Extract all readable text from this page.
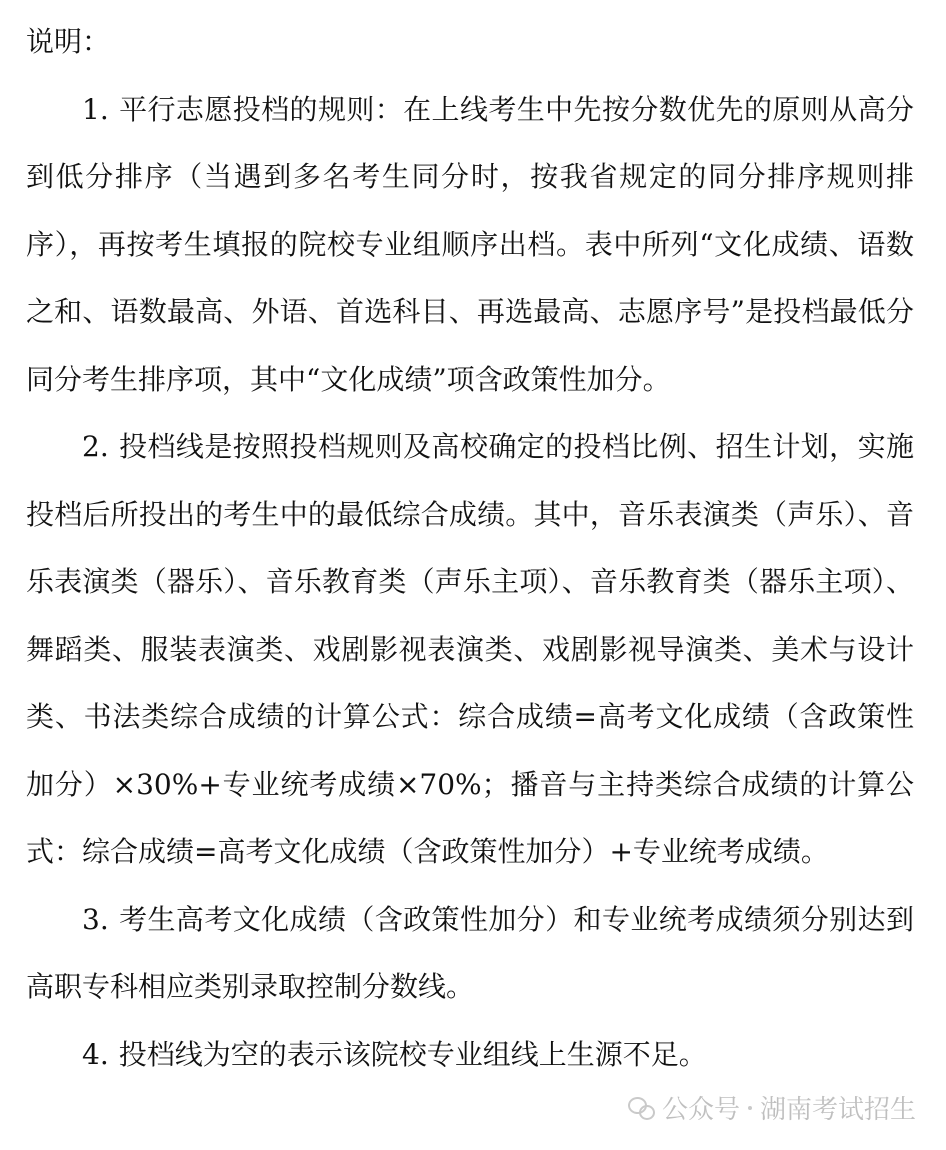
说明：

1. 平行志愿投档的规则：在上线考生中先按分数优先的原则从高分到低分排序（当遇到多名考生同分时，按我省规定的同分排序规则排序），再按考生填报的院校专业组顺序出档。表中所列“文化成绩、语数之和、语数最高、外语、首选科目、再选最高、志愿序号”是投档最低分同分考生排序项，其中“文化成绩”项含政策性加分。

2. 投档线是按照投档规则及高校确定的投档比例、招生计划，实施投档后所投出的考生中的最低综合成绩。其中，音乐表演类（声乐）、音乐表演类（器乐）、音乐教育类（声乐主项）、音乐教育类（器乐主项）、舞蹈类、服装表演类、戏剧影视表演类、戏剧影视导演类、美术与设计类、书法类综合成绩的计算公式：综合成绩=高考文化成绩（含政策性加分）×30%+专业统考成绩×70%；播音与主持类综合成绩的计算公式：综合成绩=高考文化成绩（含政策性加分）+专业统考成绩。

3. 考生高考文化成绩（含政策性加分）和专业统考成绩须分别达到高职专科相应类别录取控制分数线。

4. 投档线为空的表示该院校专业组线上生源不足。

公众号 湖南考试招生
